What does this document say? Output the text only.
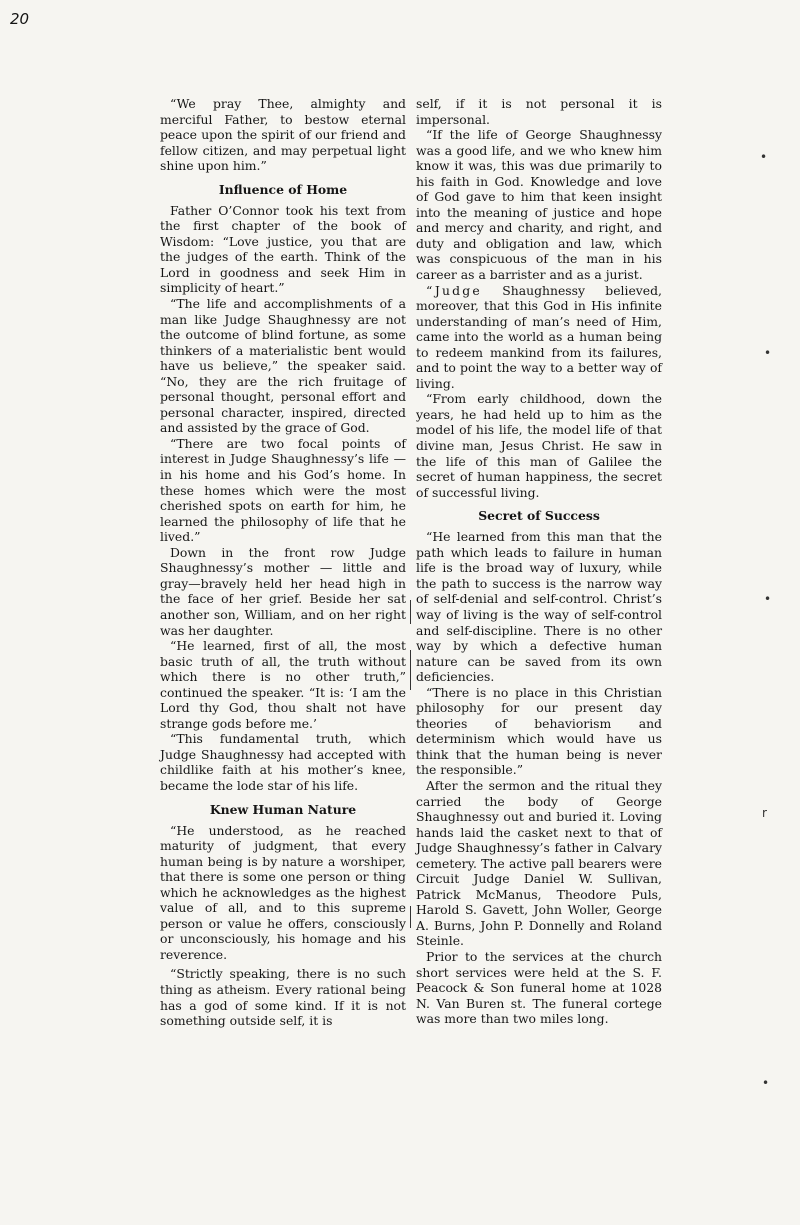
20

“We pray Thee, almighty and merciful Father, to bestow eternal peace upon the spirit of our friend and fellow citizen, and may perpetual light shine upon him.”

Influence of Home

Father O’Connor took his text from the first chapter of the book of Wisdom: “Love justice, you that are the judges of the earth. Think of the Lord in goodness and seek Him in simplicity of heart.”

“The life and accomplishments of a man like Judge Shaughnessy are not the outcome of blind fortune, as some thinkers of a materialistic bent would have us believe,” the speaker said. “No, they are the rich fruitage of personal thought, personal effort and personal character, inspired, directed and assisted by the grace of God.

“There are two focal points of interest in Judge Shaughnessy’s life —in his home and his God’s home. In these homes which were the most cherished spots on earth for him, he learned the philosophy of life that he lived.”

Down in the front row Judge Shaughnessy’s mother — little and gray—bravely held her head high in the face of her grief. Beside her sat another son, William, and on her right was her daughter.

“He learned, first of all, the most basic truth of all, the truth without which there is no other truth,” continued the speaker. “It is: ‘I am the Lord thy God, thou shalt not have strange gods before me.’

“This fundamental truth, which Judge Shaughnessy had accepted with childlike faith at his mother’s knee, became the lode star of his life.

Knew Human Nature

“He understood, as he reached maturity of judgment, that every human being is by nature a worshiper, that there is some one person or thing which he acknowledges as the highest value of all, and to this supreme person or value he offers, consciously or unconsciously, his homage and his reverence.

“Strictly speaking, there is no such thing as atheism. Every rational being has a god of some kind. If it is not something outside self, it is

self, if it is not personal it is impersonal.

“If the life of George Shaughnessy was a good life, and we who knew him know it was, this was due primarily to his faith in God. Knowledge and love of God gave to him that keen insight into the meaning of justice and hope and mercy and charity, and right, and duty and obligation and law, which was conspicuous of the man in his career as a barrister and as a jurist.

“Judge Shaughnessy believed, moreover, that this God in His infinite understanding of man’s need of Him, came into the world as a human being to redeem mankind from its failures, and to point the way to a better way of living.

“From early childhood, down the years, he had held up to him as the model of his life, the model life of that divine man, Jesus Christ. He saw in the life of this man of Galilee the secret of human happiness, the secret of successful living.

Secret of Success

“He learned from this man that the path which leads to failure in human life is the broad way of luxury, while the path to success is the narrow way of self-denial and self-control. Christ’s way of living is the way of self-control and self-discipline. There is no other way by which a defective human nature can be saved from its own deficiencies.

“There is no place in this Christian philosophy for our present day theories of behaviorism and determinism which would have us think that the human being is never the responsible.”

After the sermon and the ritual they carried the body of George Shaughnessy out and buried it. Loving hands laid the casket next to that of Judge Shaughnessy’s father in Calvary cemetery. The active pall bearers were Circuit Judge Daniel W. Sullivan, Patrick McManus, Theodore Puls, Harold S. Gavett, John Woller, George A. Burns, John P. Donnelly and Roland Steinle.

Prior to the services at the church short services were held at the S. F. Peacock & Son funeral home at 1028 N. Van Buren st. The funeral cortege was more than two miles long.

•
•
•
r
•
